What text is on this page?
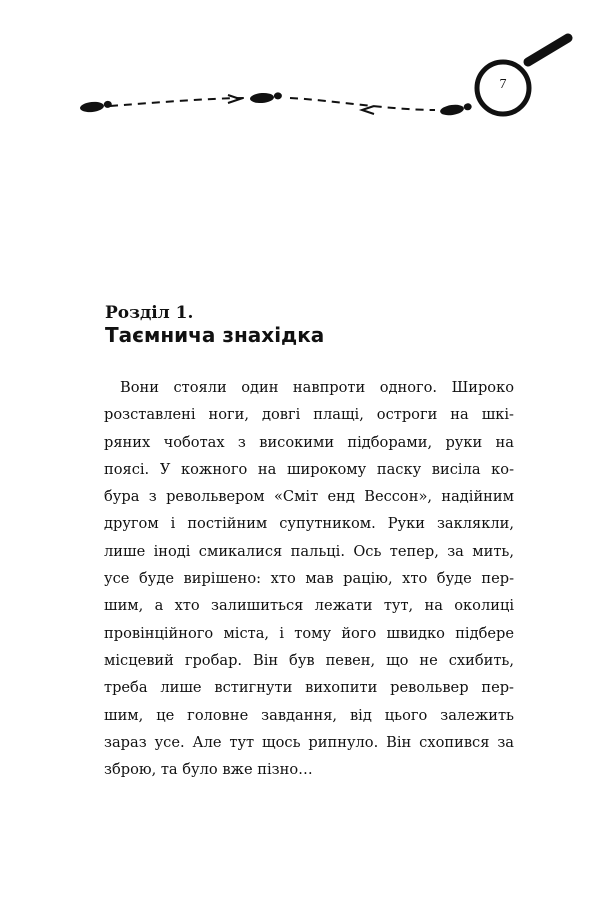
7
Розділ 1.
Таємнича знахідка
Вони стояли один навпроти одного. Широко
розставлені ноги, довгі плащі, остроги на шкі-
ряних чоботах з високими підборами, руки на
поясі. У кожного на широкому паску висіла ко-
бура з револьвером «Сміт енд Вессон», надійним
другом і постійним супутником. Руки заклякли,
лише іноді смикалися пальці. Ось тепер, за мить,
усе буде вирішено: хто мав рацію, хто буде пер-
шим, а хто залишиться лежати тут, на околиці
провінційного міста, і тому його швидко підбере
місцевий гробар. Він був певен, що не схибить,
треба лише встигнути вихопити револьвер пер-
шим, це головне завдання, від цього залежить
зараз усе. Але тут щось рипнуло. Він схопився за
зброю, та було вже пізно…
